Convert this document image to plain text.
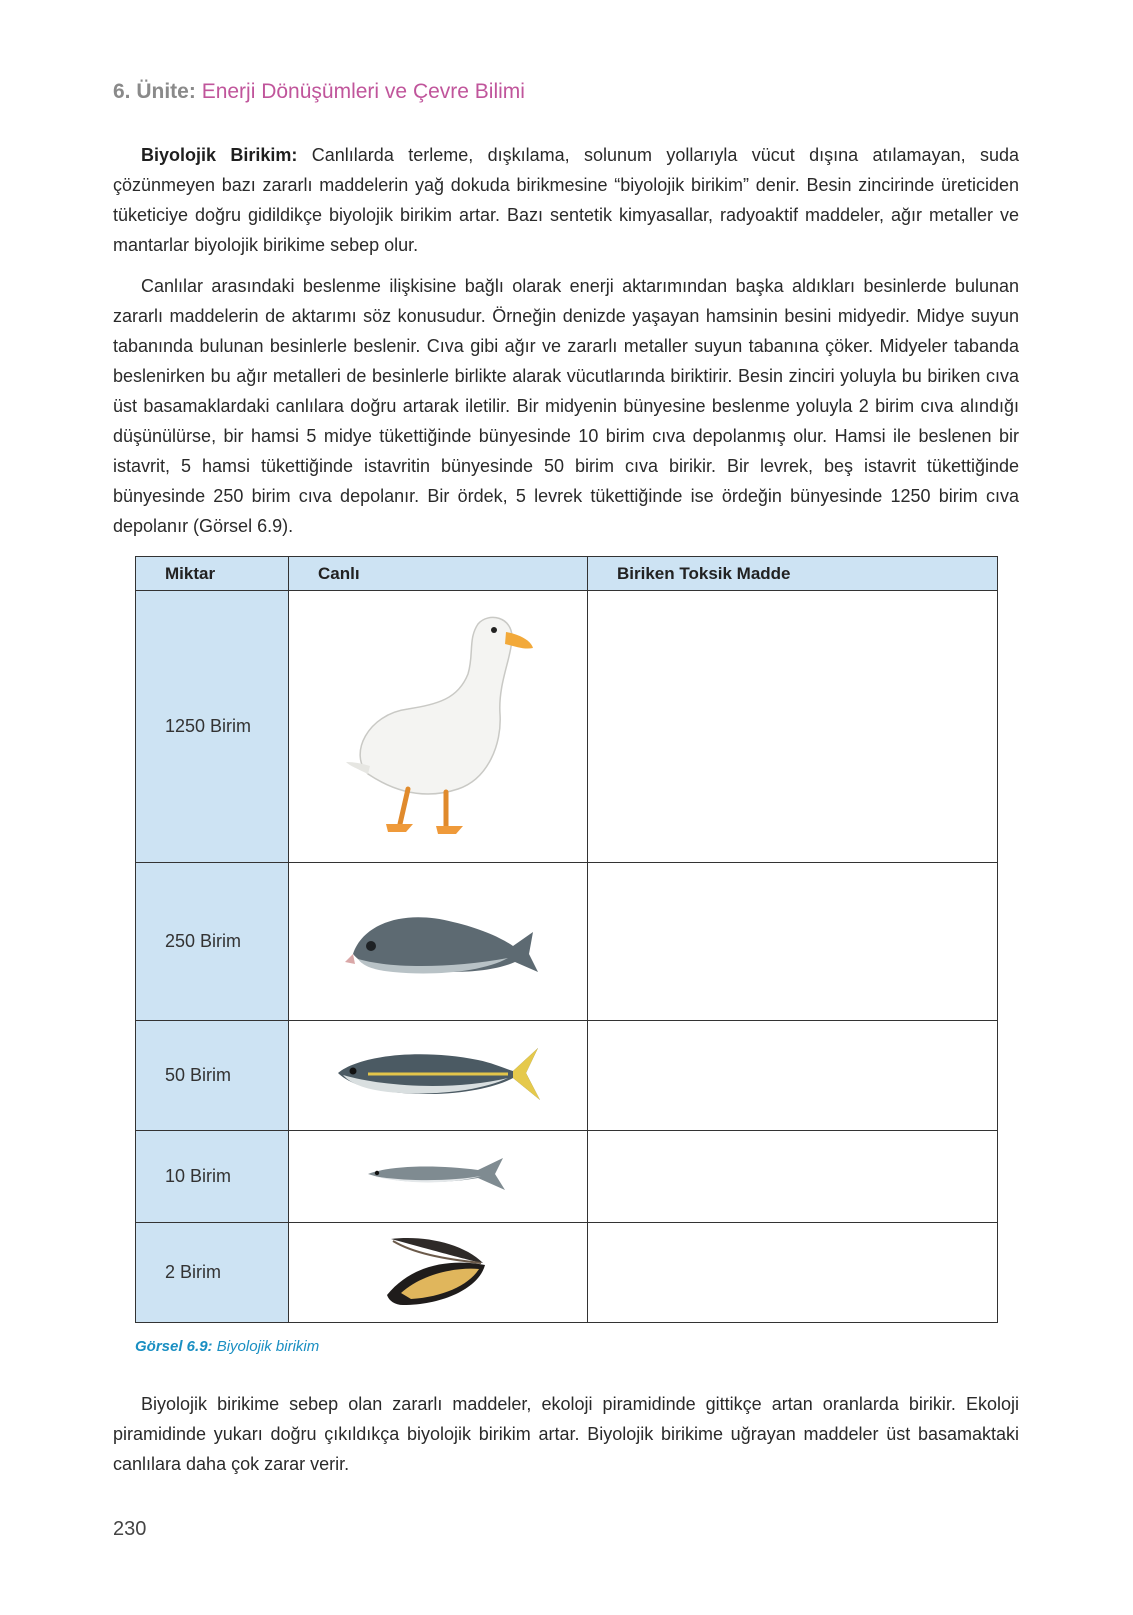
6. Ünite: Enerji Dönüşümleri ve Çevre Bilimi

Biyolojik Birikim: Canlılarda terleme, dışkılama, solunum yollarıyla vücut dışına atılamayan, suda çözünmeyen bazı zararlı maddelerin yağ dokuda birikmesine “biyolojik birikim” denir. Besin zincirinde üreticiden tüketiciye doğru gidildikçe biyolojik birikim artar. Bazı sentetik kimyasallar, radyoaktif maddeler, ağır metaller ve mantarlar biyolojik birikime sebep olur.

Canlılar arasındaki beslenme ilişkisine bağlı olarak enerji aktarımından başka aldıkları besinlerde bulunan zararlı maddelerin de aktarımı söz konusudur. Örneğin denizde yaşayan hamsinin besini midyedir. Midye suyun tabanında bulunan besinlerle beslenir. Cıva gibi ağır ve zararlı metaller suyun tabanına çöker. Midyeler tabanda beslenirken bu ağır metalleri de besinlerle birlikte alarak vücutlarında biriktirir. Besin zinciri yoluyla bu biriken cıva üst basamaklardaki canlılara doğru artarak iletilir. Bir midyenin bünyesine beslenme yoluyla 2 birim cıva alındığı düşünülürse, bir hamsi 5 midye tükettiğinde bünyesinde 10 birim cıva depolanmış olur. Hamsi ile beslenen bir istavrit, 5 hamsi tükettiğinde istavritin bünyesinde 50 birim cıva birikir. Bir levrek, beş istavrit tükettiğinde bünyesinde 250 birim cıva depolanır. Bir ördek, 5 levrek tükettiğinde ise ördeğin bünyesinde 1250 birim cıva depolanır (Görsel 6.9).

Miktar	Canlı	Biriken Toksik Madde
1250 Birim		
250 Birim		
50 Birim		
10 Birim		
2 Birim		
Görsel 6.9: Biyolojik birikim

Biyolojik birikime sebep olan zararlı maddeler, ekoloji piramidinde gittikçe artan oranlarda birikir. Ekoloji piramidinde yukarı doğru çıkıldıkça biyolojik birikim artar. Biyolojik birikime uğrayan maddeler üst basamaktaki canlılara daha çok zarar verir.

230
